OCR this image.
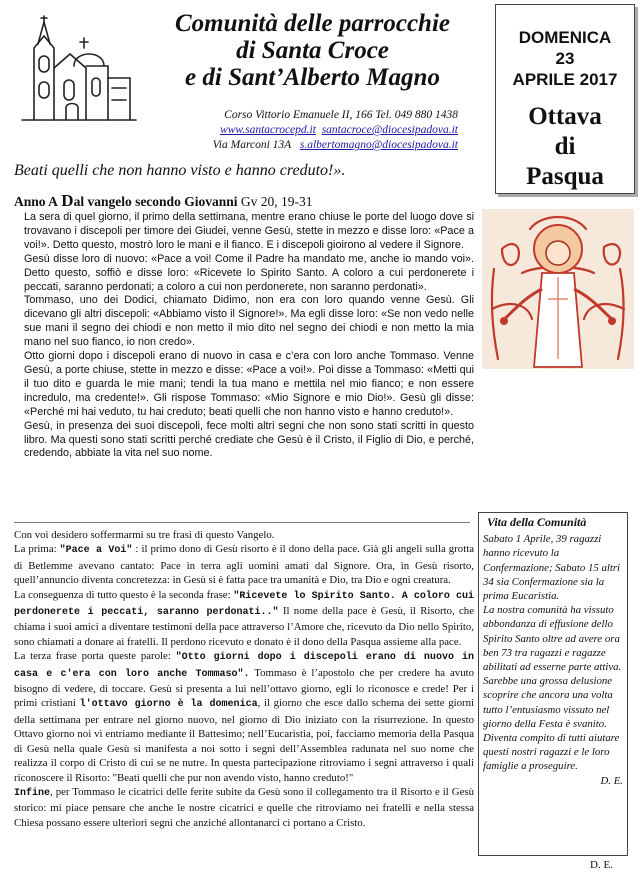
Comunità delle parrocchie
di Santa Croce
e di Sant’Alberto Magno
Corso Vittorio Emanuele II, 166 Tel. 049 880 1438
www.santacrocepd.it santacroce@diocesipadova.it
Via Marconi 13A s.albertomagno@diocesipadova.it
DOMENICA
23
APRILE 2017
Ottava
di
Pasqua
Beati quelli che non hanno visto e hanno creduto!».
Anno A Dal vangelo secondo Giovanni Gv 20, 19-31

La sera di quel giorno, il primo della settimana, mentre erano chiuse le porte del luogo dove si trovavano i discepoli per timore dei Giudei, venne Gesù, stette in mezzo e disse loro: «Pace a voi!». Detto questo, mostrò loro le mani e il fianco. E i discepoli gioirono al vedere il Signore.

Gesù disse loro di nuovo: «Pace a voi! Come il Padre ha mandato me, anche io mando voi». Detto questo, soffiò e disse loro: «Ricevete lo Spirito Santo. A coloro a cui perdonerete i peccati, saranno perdonati; a coloro a cui non perdonerete, non saranno perdonati».

Tommaso, uno dei Dodici, chiamato Didimo, non era con loro quando venne Gesù. Gli dicevano gli altri discepoli: «Abbiamo visto il Signore!». Ma egli disse loro: «Se non vedo nelle sue mani il segno dei chiodi e non metto il mio dito nel segno dei chiodi e non metto la mia mano nel suo fianco, io non credo».

Otto giorni dopo i discepoli erano di nuovo in casa e c’era con loro anche Tommaso. Venne Gesù, a porte chiuse, stette in mezzo e disse: «Pace a voi!». Poi disse a Tommaso: «Metti qui il tuo dito e guarda le mie mani; tendi la tua mano e mettila nel mio fianco; e non essere incredulo, ma credente!». Gli rispose Tommaso: «Mio Signore e mio Dio!». Gesù gli disse: «Perché mi hai veduto, tu hai creduto; beati quelli che non hanno visto e hanno creduto!».

Gesù, in presenza dei suoi discepoli, fece molti altri segni che non sono stati scritti in questo libro. Ma questi sono stati scritti perché crediate che Gesù è il Cristo, il Figlio di Dio, e perché, credendo, abbiate la vita nel suo nome.

Con voi desidero soffermarmi su tre frasi di questo Vangelo.

La prima: "Pace a Voi" : il primo dono di Gesù risorto è il dono della pace. Già gli angeli sulla grotta di Betlemme avevano cantato: Pace in terra agli uomini amati dal Signore. Ora, in Gesù risorto, quell’annuncio diventa concretezza: in Gesù si è fatta pace tra umanità e Dio, tra Dio e ogni creatura.

La conseguenza di tutto questo è la seconda frase: "Ricevete lo Spirito Santo. A coloro cui perdonerete i peccati, saranno perdonati.." Il nome della pace è Gesù, il Risorto, che chiama i suoi amici a diventare testimoni della pace attraverso l’Amore che, ricevuto da Dio nello Spirito, sono chiamati a donare ai fratelli. Il perdono ricevuto e donato è il dono della Pasqua assieme alla pace.

La terza frase porta queste parole: "Otto giorni dopo i discepoli erano di nuovo in casa e c'era con loro anche Tommaso". Tommaso è l’apostolo che per credere ha avuto bisogno di vedere, di toccare. Gesù si presenta a lui nell’ottavo giorno, egli lo riconosce e crede! Per i primi cristiani l'ottavo giorno è la domenica, il giorno che esce dallo schema dei sette giorni della settimana per entrare nel giorno nuovo, nel giorno di Dio iniziato con la risurrezione. In questo Ottavo giorno noi vi entriamo mediante il Battesimo; nell’Eucaristia, poi, facciamo memoria della Pasqua di Gesù nella quale Gesù si manifesta a noi sotto i segni dell’Assemblea radunata nel suo nome che realizza il corpo di Cristo di cui se ne nutre. In questa partecipazione ritroviamo i segni attraverso i quali riconoscere il Risorto: "Beati quelli che pur non avendo visto, hanno creduto!"

Infine, per Tommaso le cicatrici delle ferite subite da Gesù sono il collegamento tra il Risorto e il Gesù storico: mi piace pensare che anche le nostre cicatrici e quelle che ritroviamo nei fratelli e nella stessa Chiesa possano essere ulteriori segni che anziché allontanarci ci portano a Cristo.

D. E.
Vita della Comunità

Sabato 1 Aprile, 39 ragazzi hanno ricevuto la Confermazione; Sabato 15 altri 34 sia Confermazione sia la prima Eucaristia.

La nostra comunità ha vissuto abbondanza di effusione dello Spirito Santo oltre ad avere ora ben 73 tra ragazzi e ragazze abilitati ad esserne parte attiva.

Sarebbe una grossa delusione scoprire che ancora una volta tutto l’entusiasmo vissuto nel giorno della Festa è svanito. Diventa compito di tutti aiutare questi nostri ragazzi e le loro famiglie a proseguire.

D. E.
